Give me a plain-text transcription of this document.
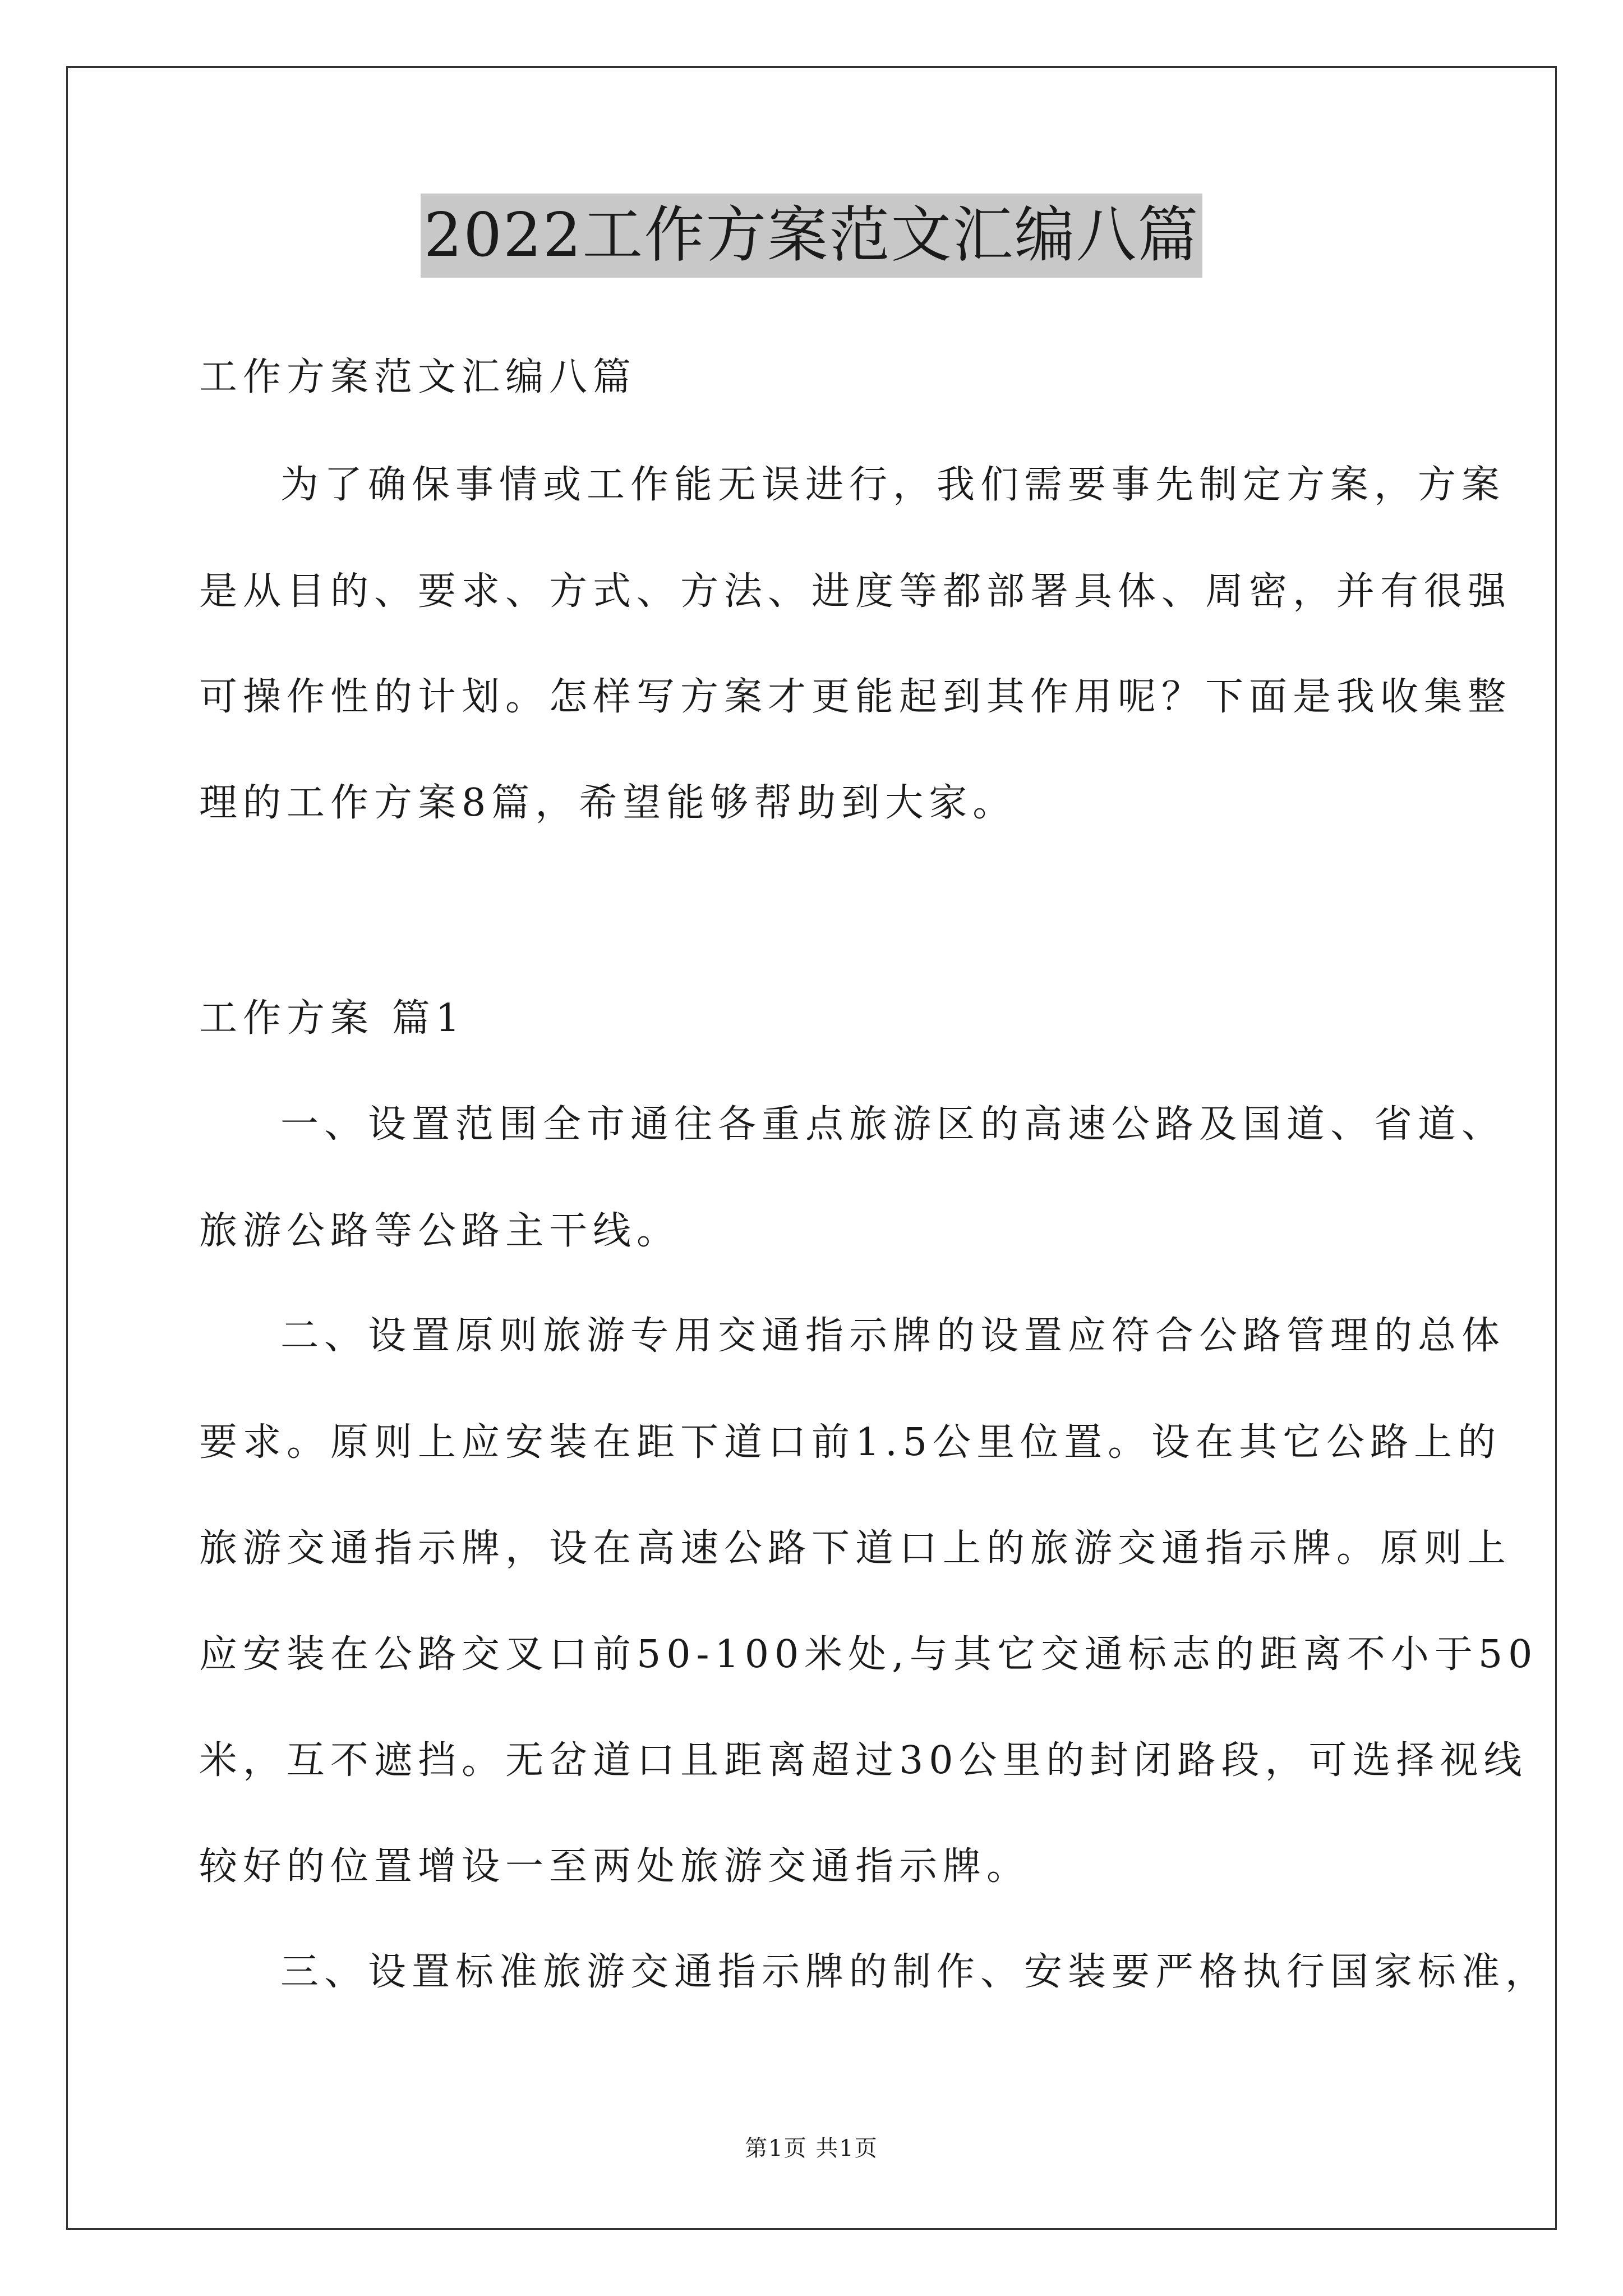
2022工作方案范文汇编八篇
工作方案范文汇编八篇
为了确保事情或工作能无误进行，我们需要事先制定方案，方案
是从目的、要求、方式、方法、进度等都部署具体、周密，并有很强
可操作性的计划。怎样写方案才更能起到其作用呢？下面是我收集整
理的工作方案8篇，希望能够帮助到大家。
工作方案 篇1
一、设置范围全市通往各重点旅游区的高速公路及国道、省道、
旅游公路等公路主干线。
二、设置原则旅游专用交通指示牌的设置应符合公路管理的总体
要求。原则上应安装在距下道口前1.5公里位置。设在其它公路上的
旅游交通指示牌，设在高速公路下道口上的旅游交通指示牌。原则上
应安装在公路交叉口前50-100米处,与其它交通标志的距离不小于50
米，互不遮挡。无岔道口且距离超过30公里的封闭路段，可选择视线
较好的位置增设一至两处旅游交通指示牌。
三、设置标准旅游交通指示牌的制作、安装要严格执行国家标准，
第1页 共1页
